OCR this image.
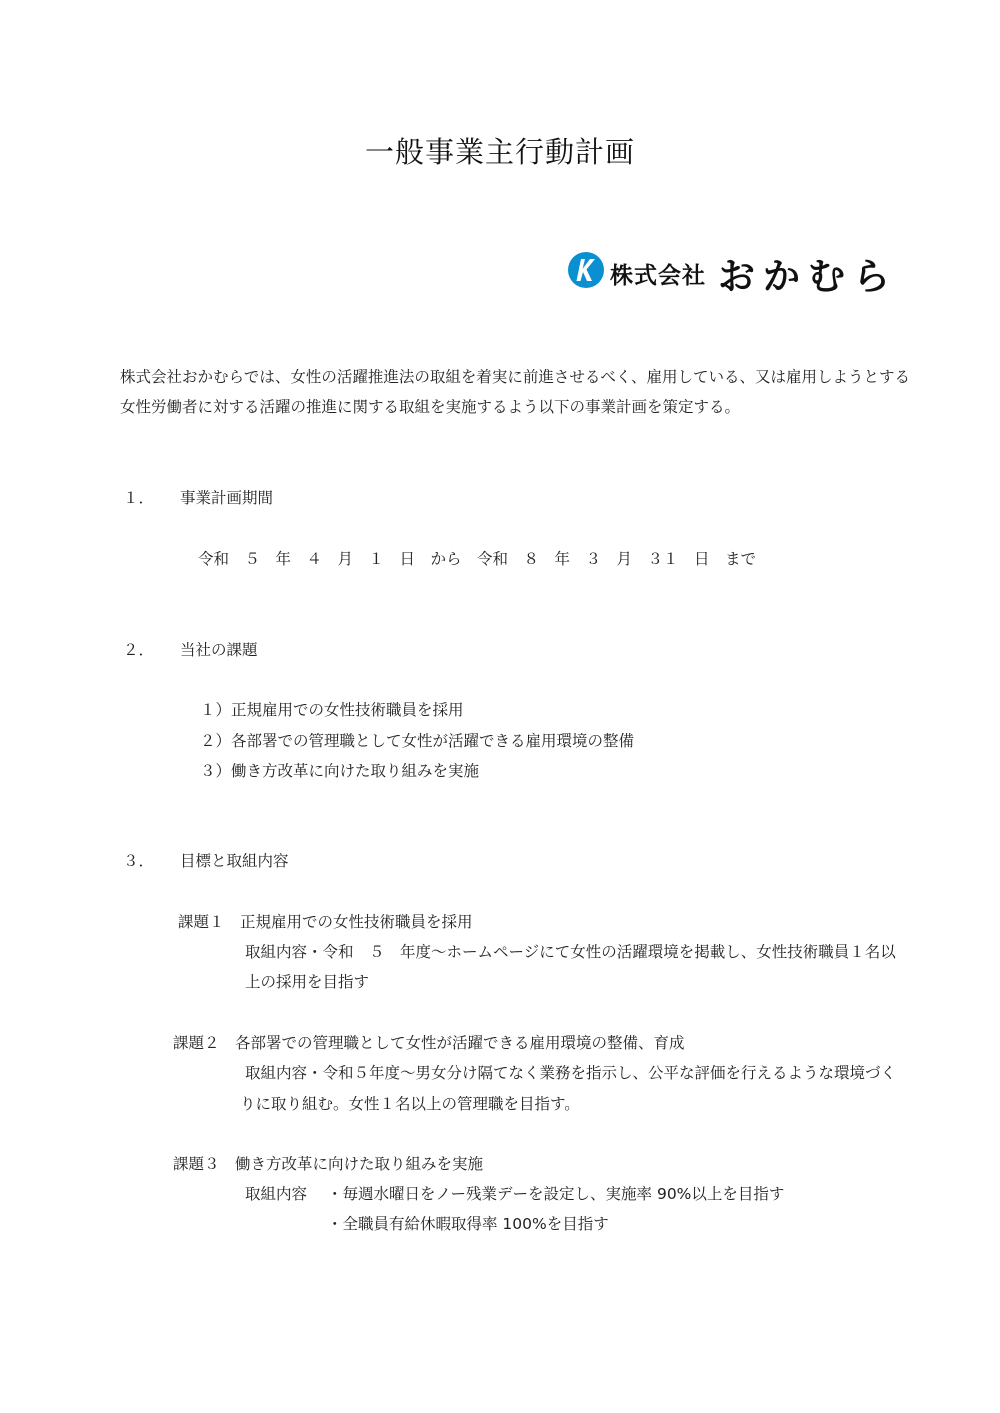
一般事業主行動計画
株式会社 おかむら
株式会社おかむらでは、女性の活躍推進法の取組を着実に前進させるべく、雇用している、又は雇用しようとする
女性労働者に対する活躍の推進に関する取組を実施するよう以下の事業計画を策定する。
１． 事業計画期間
令和　５　年　４　月　１　日　から　令和　８　年　３　月　３１　日　まで
２． 当社の課題
１）正規雇用での女性技術職員を採用
２）各部署での管理職として女性が活躍できる雇用環境の整備
３）働き方改革に向けた取り組みを実施
３． 目標と取組内容
課題１　正規雇用での女性技術職員を採用
取組内容・令和　５　年度～ホームページにて女性の活躍環境を掲載し、女性技術職員１名以
上の採用を目指す
課題２　各部署での管理職として女性が活躍できる雇用環境の整備、育成
取組内容・令和５年度～男女分け隔てなく業務を指示し、公平な評価を行えるような環境づく
りに取り組む。女性１名以上の管理職を目指す。
課題３　働き方改革に向けた取り組みを実施
取組内容 ・毎週水曜日をノー残業デーを設定し、実施率 90%以上を目指す
・全職員有給休暇取得率 100%を目指す
